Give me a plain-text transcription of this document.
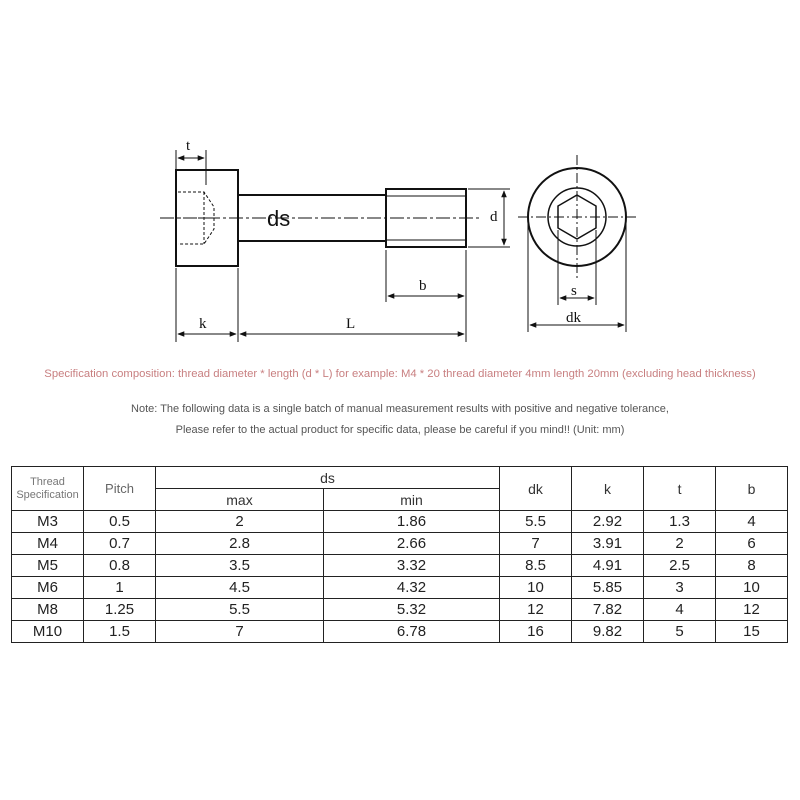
t
ds	d
b
k	L
s
dk
Specification composition: thread diameter * length (d * L) for example: M4 * 20 thread diameter 4mm length 20mm (excluding head thickness)
Note: The following data is a single batch of manual measurement results with positive and negative tolerance,
Please refer to the actual product for specific data, please be careful if you mind!! (Unit: mm)
Thread
Specification	Pitch	ds		dk	k	t	b
		max	min				
M3	0.5	2	1.86	5.5	2.92	1.3	4
M4	0.7	2.8	2.66	7	3.91	2	6
M5	0.8	3.5	3.32	8.5	4.91	2.5	8
M6	1	4.5	4.32	10	5.85	3	10
M8	1.25	5.5	5.32	12	7.82	4	12
M10	1.5	7	6.78	16	9.82	5	15
